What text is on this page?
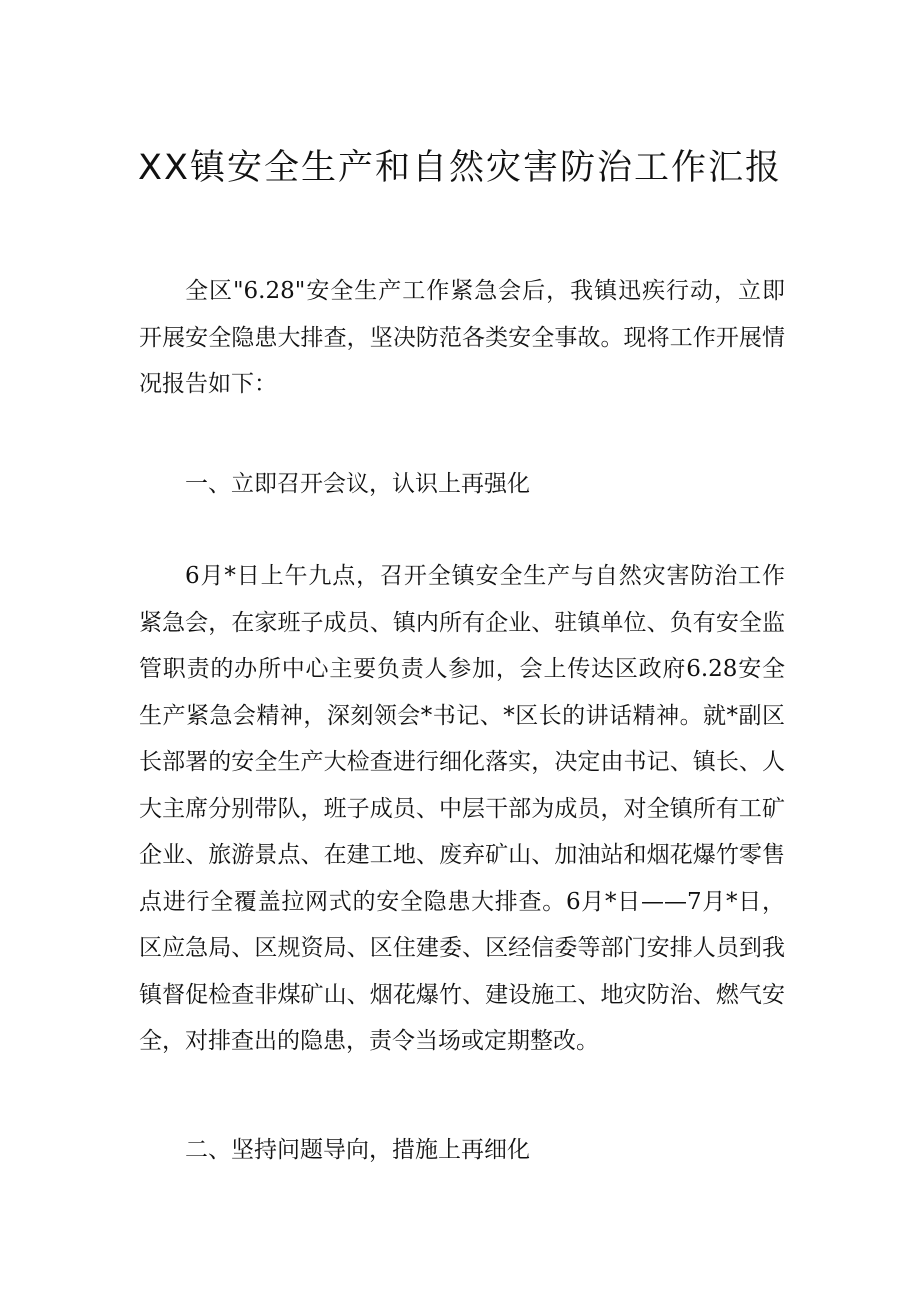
XX镇安全生产和自然灾害防治工作汇报

全区"6.28"安全生产工作紧急会后，我镇迅疾行动，立即开展安全隐患大排查，坚决防范各类安全事故。现将工作开展情况报告如下：

一、立即召开会议，认识上再强化

6月*日上午九点，召开全镇安全生产与自然灾害防治工作紧急会，在家班子成员、镇内所有企业、驻镇单位、负有安全监管职责的办所中心主要负责人参加，会上传达区政府6.28安全生产紧急会精神，深刻领会*书记、*区长的讲话精神。就*副区长部署的安全生产大检查进行细化落实，决定由书记、镇长、人大主席分别带队，班子成员、中层干部为成员，对全镇所有工矿企业、旅游景点、在建工地、废弃矿山、加油站和烟花爆竹零售点进行全覆盖拉网式的安全隐患大排查。6月*日——7月*日，区应急局、区规资局、区住建委、区经信委等部门安排人员到我镇督促检查非煤矿山、烟花爆竹、建设施工、地灾防治、燃气安全，对排查出的隐患，责令当场或定期整改。

二、坚持问题导向，措施上再细化
